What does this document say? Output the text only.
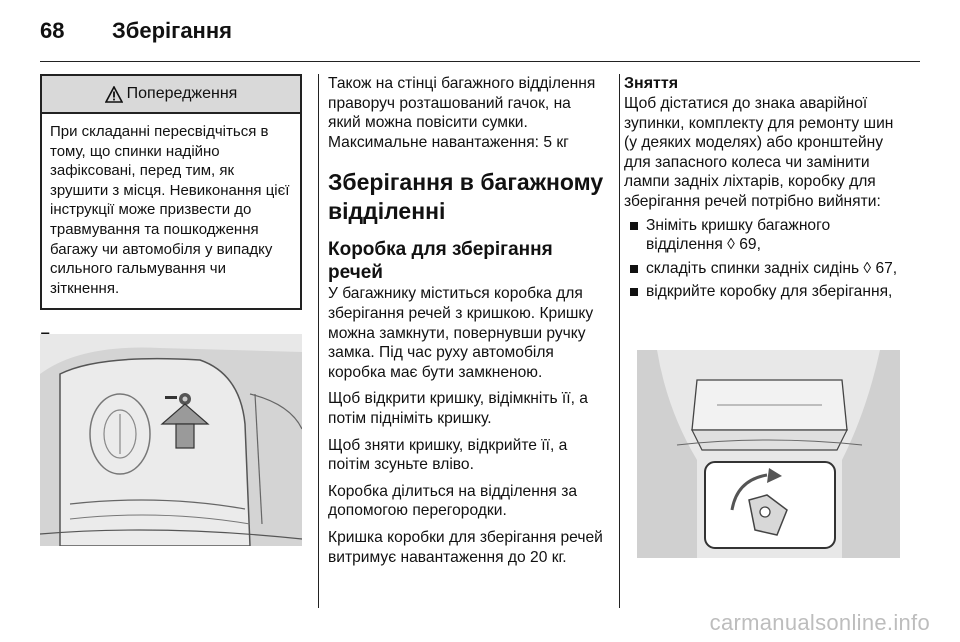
68	Зберігання
Попередження
При складанні пересвідчіться в тому, що спинки надійно зафіксовані, перед тим, як зрушити з місця. Невиконання цієї інструкції може призвести до травмування та пошкодження багажу чи автомобіля у випадку сильного гальмування чи зіткнення.

Також на стінці багажного відділення праворуч розташований гачок, на який можна повісити сумки. Максимальне навантаження: 5 кг

Зберігання в багажному відділенні
Коробка для зберігання речей

У багажнику міститься коробка для зберігання речей з кришкою. Кришку можна замкнути, повернувши ручку замка. Під час руху автомобіля коробка має бути замкненою.

Щоб відкрити кришку, відімкніть її, а потім підніміть кришку.

Щоб зняти кришку, відкрийте її, а поітім зсуньте вліво.

Коробка ділиться на відділення за допомогою перегородки.

Кришка коробки для зберігання речей витримує навантаження до 20 кг.

Зняття

Щоб дістатися до знака аварійної зупинки, комплекту для ремонту шин (у деяких моделях) або кронштейну для запасного колеса чи замінити лампи задніх ліхтарів, коробку для зберігання речей потрібно вийняти:

Зніміть кришку багажного відділення ◊ 69,
складіть спинки задніх сидінь ◊ 67,
відкрийте коробку для зберігання,
carmanualsonline.info
